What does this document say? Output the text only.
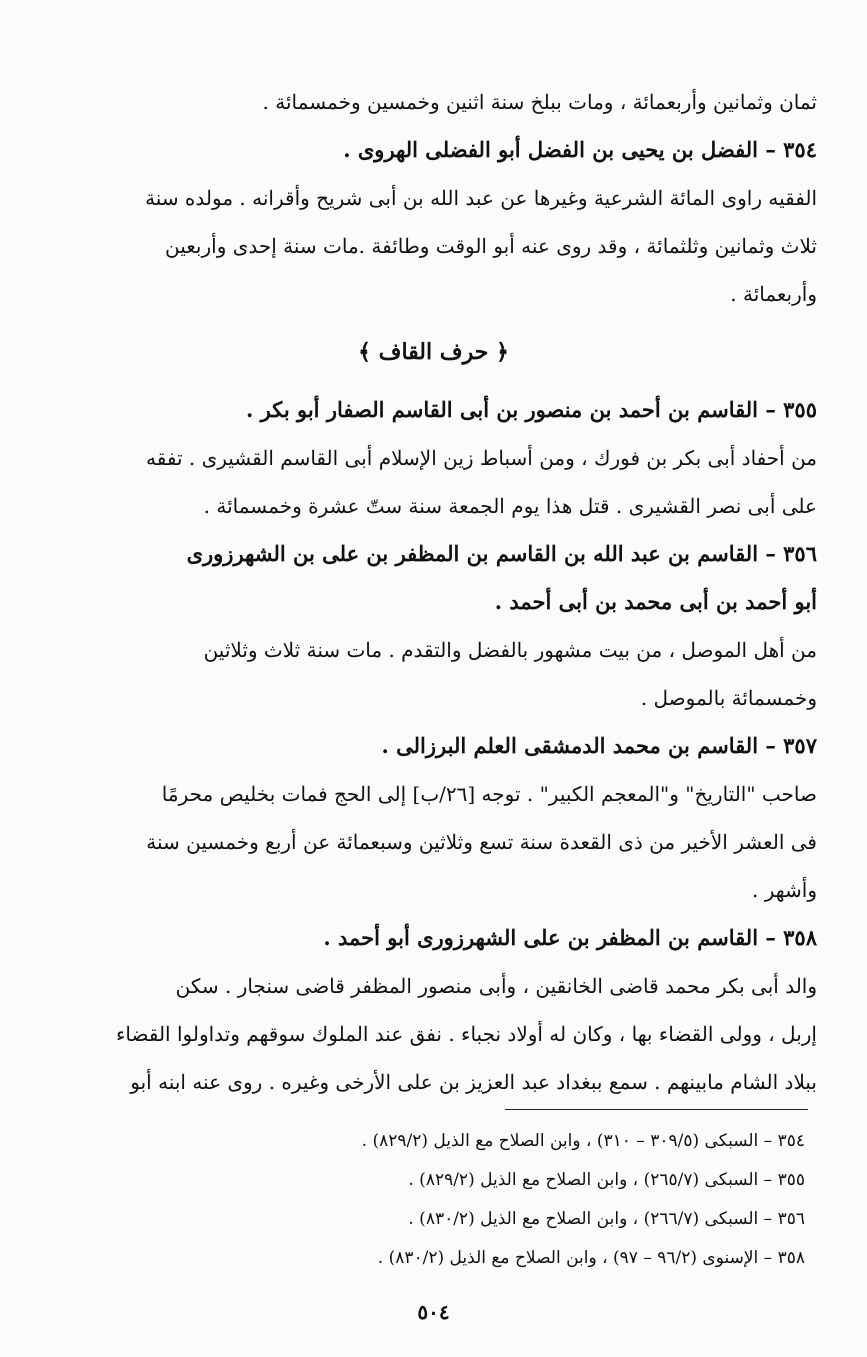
ثمان وثمانين وأربعمائة ، ومات ببلخ سنة اثنين وخمسين وخمسمائة .
٣٥٤ – الفضل بن يحيى بن الفضل أبو الفضلى الهروى .
الفقيه راوى المائة الشرعية وغيرها عن عبد الله بن أبى شريح وأقرانه . مولده سنة
ثلاث وثمانين وثلثمائة ، وقد روى عنه أبو الوقت وطائفة .مات سنة إحدى وأربعين
وأربعمائة .
﴿ حرف القاف ﴾
٣٥٥ – القاسم بن أحمد بن منصور بن أبى القاسم الصفار أبو بكر .
من أحفاد أبى بكر بن فورك ، ومن أسباط زين الإسلام أبى القاسم القشيرى . تفقه
على أبى نصر القشيرى . قتل هذا يوم الجمعة سنة ستّ عشرة وخمسمائة .
٣٥٦ – القاسم بن عبد الله بن القاسم بن المظفر بن على بن الشهرزورى
أبو أحمد بن أبى محمد بن أبى أحمد .
من أهل الموصل ، من بيت مشهور بالفضل والتقدم . مات سنة ثلاث وثلاثين
وخمسمائة بالموصل .
٣٥٧ – القاسم بن محمد الدمشقى العلم البرزالى .
صاحب "التاريخ" و"المعجم الكبير" . توجه [٢٦/ب] إلى الحج فمات بخليص محرمًا
فى العشر الأخير من ذى القعدة سنة تسع وثلاثين وسبعمائة عن أربع وخمسين سنة
وأشهر .
٣٥٨ – القاسم بن المظفر بن على الشهرزورى أبو أحمد .
والد أبى بكر محمد قاضى الخانقين ، وأبى منصور المظفر قاضى سنجار . سكن
إربل ، وولى القضاء بها ، وكان له أولاد نجباء . نفق عند الملوك سوقهم وتداولوا القضاء
ببلاد الشام مابينهم . سمع ببغداد عبد العزيز بن على الأرخى وغيره . روى عنه ابنه أبو
٣٥٤ – السبكى (٣٠٩/٥ – ٣١٠) ، وابن الصلاح مع الذيل (٨٢٩/٢) .
٣٥٥ – السبكى (٢٦٥/٧) ، وابن الصلاح مع الذيل (٨٢٩/٢) .
٣٥٦ – السبكى (٢٦٦/٧) ، وابن الصلاح مع الذيل (٨٣٠/٢) .
٣٥٨ – الإسنوى (٩٦/٢ – ٩٧) ، وابن الصلاح مع الذيل (٨٣٠/٢) .
٥٠٤
